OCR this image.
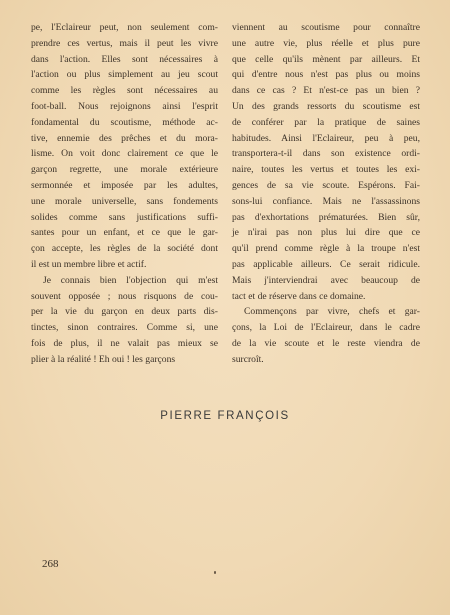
pe, l'Eclaireur peut, non seulement com-
prendre ces vertus, mais il peut les vivre
dans l'action. Elles sont nécessaires à
l'action ou plus simplement au jeu scout
comme les règles sont nécessaires au
foot-ball. Nous rejoignons ainsi l'esprit
fondamental du scoutisme, méthode ac-
tive, ennemie des prêches et du mora-
lisme. On voit donc clairement ce que le
garçon regrette, une morale extérieure
sermonnée et imposée par les adultes,
une morale universelle, sans fondements
solides comme sans justifications suffi-
santes pour un enfant, et ce que le gar-
çon accepte, les règles de la société dont
il est un membre libre et actif.

Je connais bien l'objection qui m'est
souvent opposée ; nous risquons de cou-
per la vie du garçon en deux parts dis-
tinctes, sinon contraires. Comme si, une
fois de plus, il ne valait pas mieux se
plier à la réalité ! Eh oui ! les garçons

viennent au scoutisme pour connaître
une autre vie, plus réelle et plus pure
que celle qu'ils mènent par ailleurs. Et
qui d'entre nous n'est pas plus ou moins
dans ce cas ? Et n'est-ce pas un bien ?
Un des grands ressorts du scoutisme est
de conférer par la pratique de saines
habitudes. Ainsi l'Eclaireur, peu à peu,
transportera-t-il dans son existence ordi-
naire, toutes les vertus et toutes les exi-
gences de sa vie scoute. Espérons. Fai-
sons-lui confiance. Mais ne l'assassinons
pas d'exhortations prématurées. Bien sûr,
je n'irai pas non plus lui dire que ce
qu'il prend comme règle à la troupe n'est
pas applicable ailleurs. Ce serait ridicule.
Mais j'interviendrai avec beaucoup de
tact et de réserve dans ce domaine.

Commençons par vivre, chefs et gar-
çons, la Loi de l'Eclaireur, dans le cadre
de la vie scoute et le reste viendra de
surcroît.

PIERRE FRANÇOIS
268
